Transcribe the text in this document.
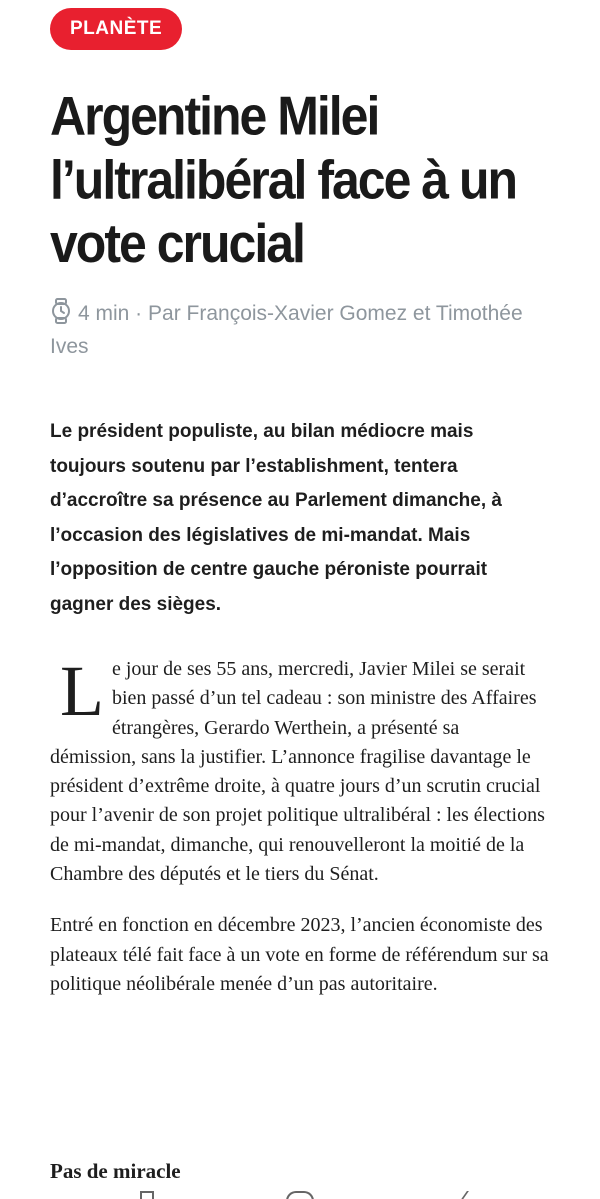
PLANÈTE
Argentine Milei l’ultralibéral face à un vote crucial
4 min · Par François-Xavier Gomez et Timothée Ives

Le président populiste, au bilan médiocre mais toujours soutenu par l’establishment, tentera d’accroître sa présence au Parlement dimanche, à l’occasion des législatives de mi-mandat. Mais l’opposition de centre gauche péroniste pourrait gagner des sièges.

Le jour de ses 55 ans, mercredi, Javier Milei se serait bien passé d’un tel cadeau : son ministre des Affaires étrangères, Gerardo Werthein, a présenté sa démission, sans la justifier. L’annonce fragilise davantage le président d’extrême droite, à quatre jours d’un scrutin crucial pour l’avenir de son projet politique ultralibéral : les élections de mi-mandat, dimanche, qui renouvelleront la moitié de la Chambre des députés et le tiers du Sénat.

Entré en fonction en décembre 2023, l’ancien économiste des plateaux télé fait face à un vote en forme de référendum sur sa politique néolibérale menée d’un pas autoritaire.

Pas de miracle
